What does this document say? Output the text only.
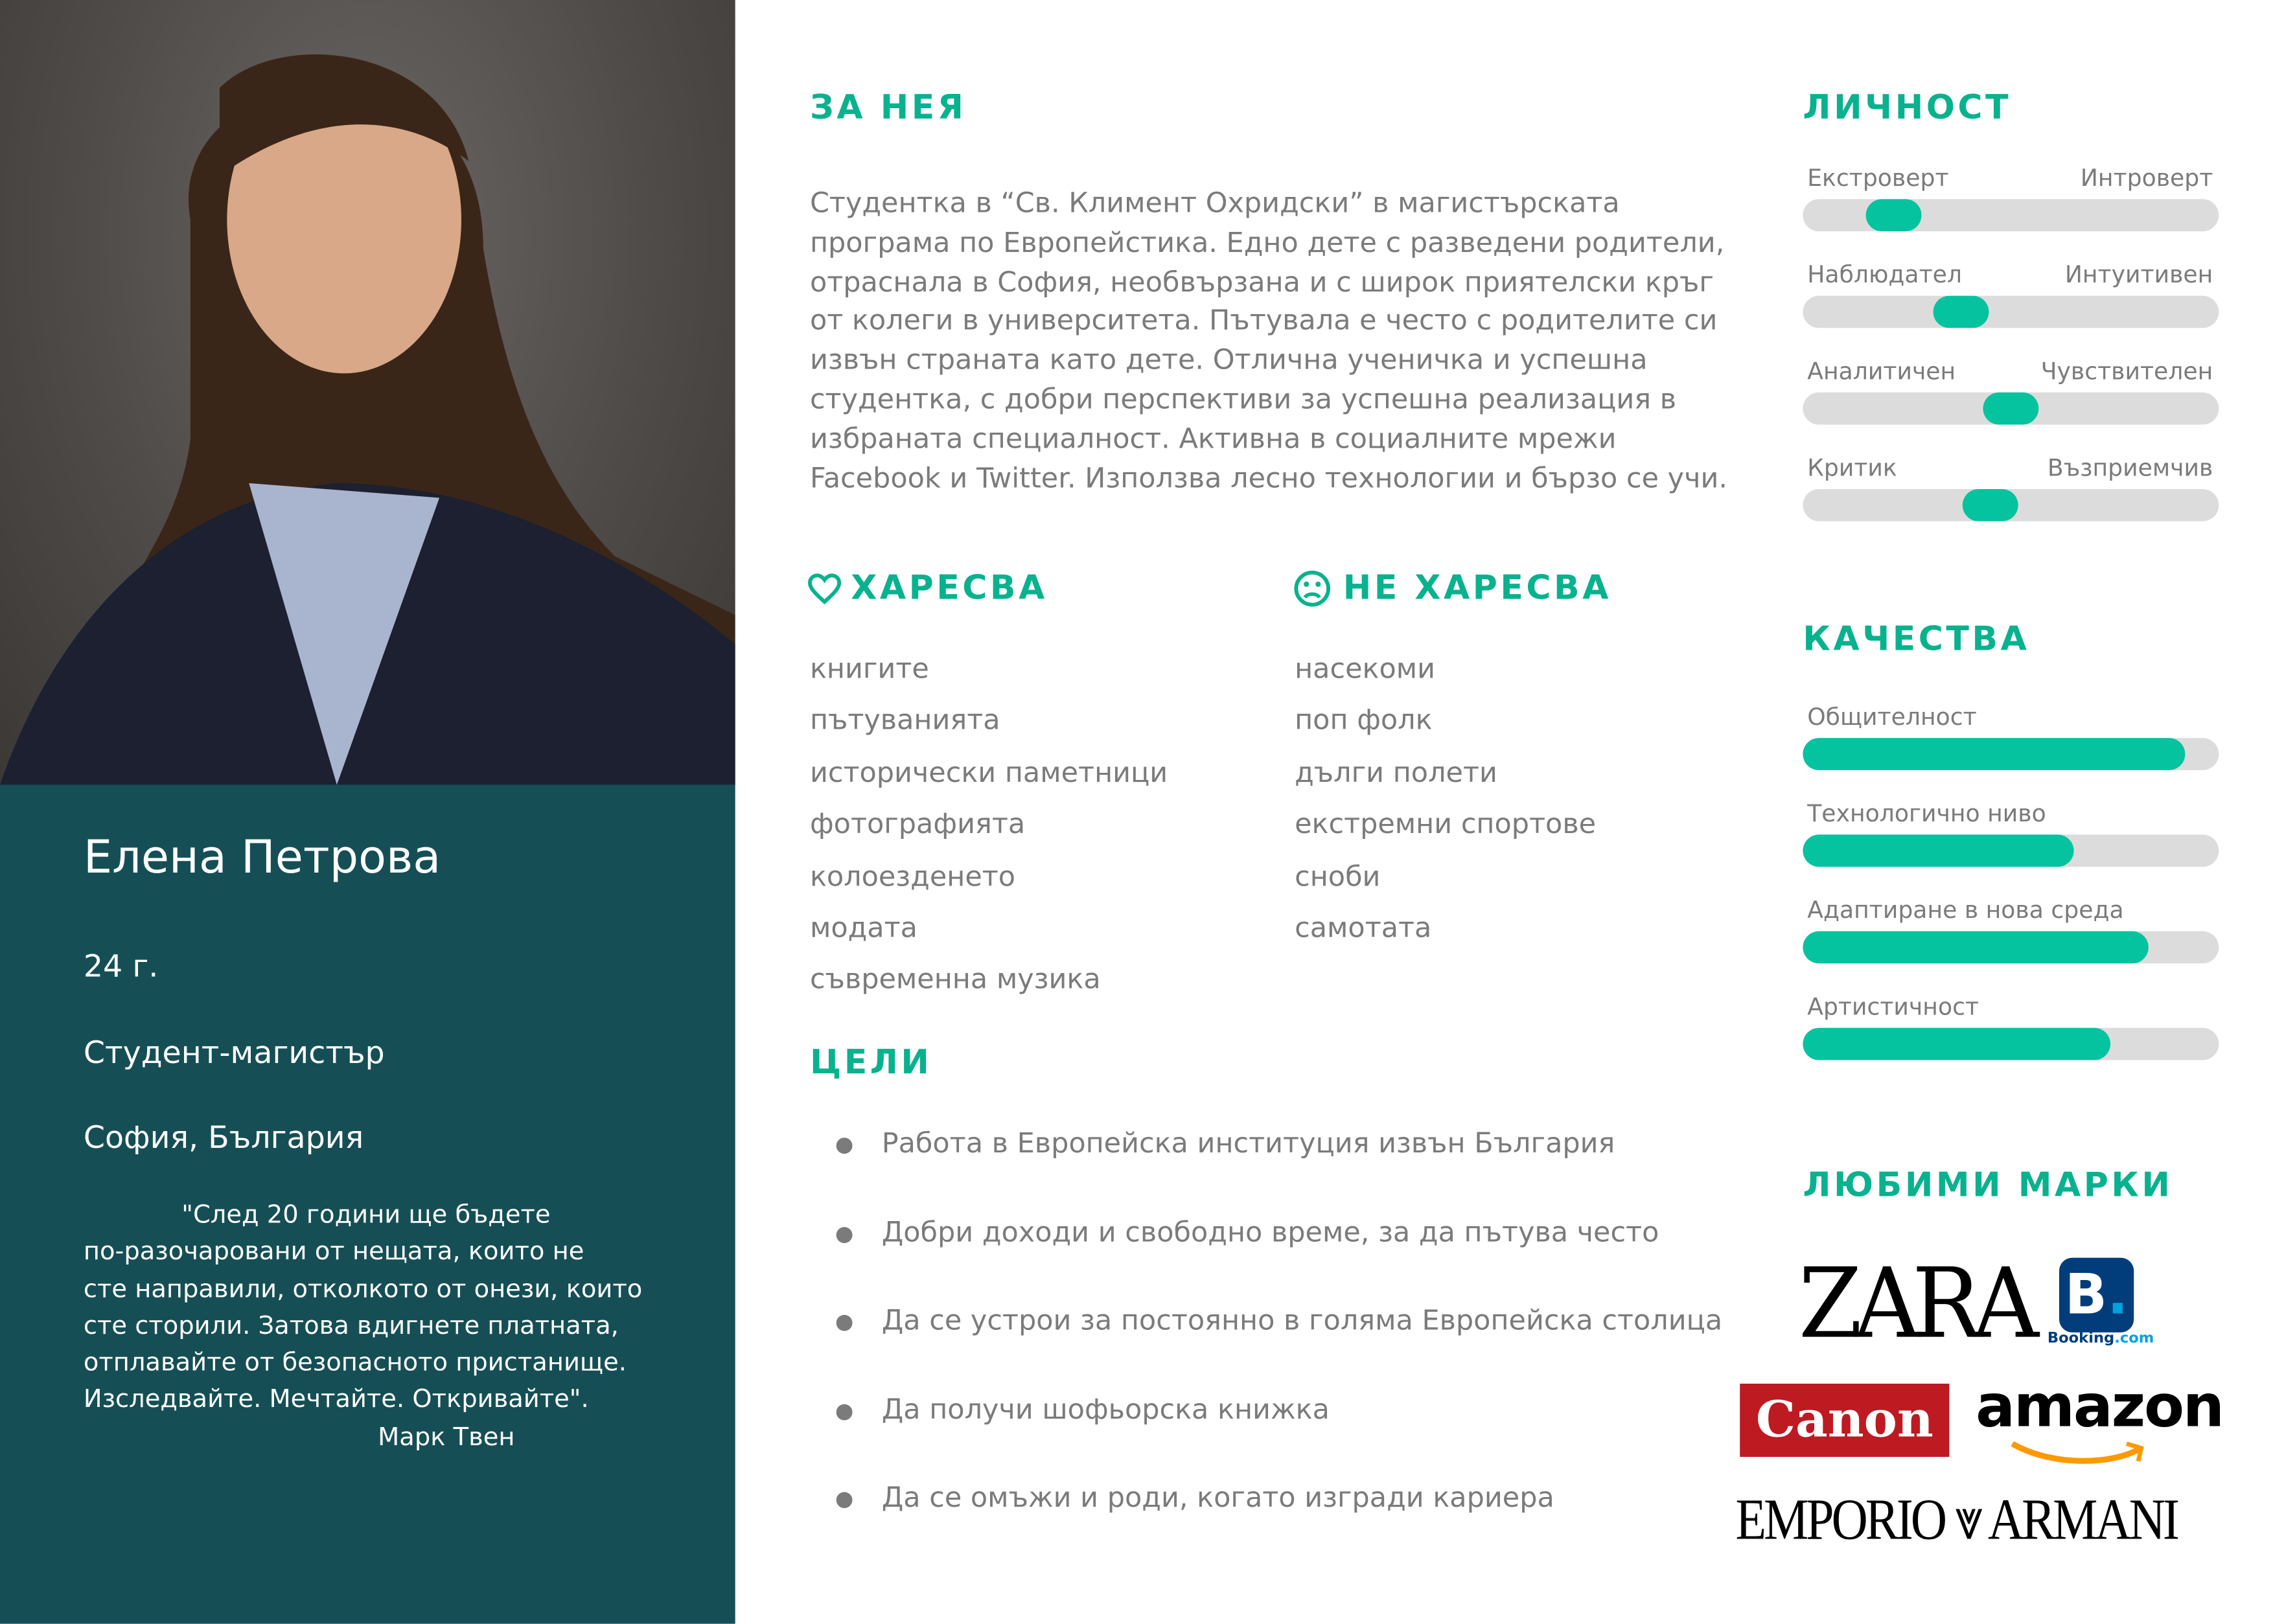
Елена Петрова
24 г.
Студент-магистър
София, България
"След 20 години ще бъдете
по-разочаровани от нещата, които не
сте направили, отколкото от онези, които
сте сторили. Затова вдигнете платната,
отплавайте от безопасното пристанище.
Изследвайте. Мечтайте. Откривайте".
Марк Твен
ЗА НЕЯ
Студентка в “Св. Климент Охридски” в магистърската програма по Европейстика. Едно дете с разведени родители, отраснала в София, необвързана и с широк приятелски кръг от колеги в университета. Пътувала е често с родителите си извън страната като дете. Отлична ученичка и успешна студентка, с добри перспективи за успешна реализация в избраната специалност. Активна в социалните мрежи Facebook и Twitter. Използва лесно технологии и бързо се учи.
ХАРЕСВА	НЕ ХАРЕСВА
ЦЕЛИ
ЛИЧНОСТ
КАЧЕСТВА
ЛЮБИМИ МАРКИ
ZARA B.
Booking.com
Canon	amazon
EMPORIO ⩔ ARMANI
книгите
пътуванията
исторически паметници
фотографията
колоезденето
модата
съвременна музика
насекоми
поп фолк
дълги полети
екстремни спортове
сноби
самотата
Работа в Европейска институция извън България
Добри доходи и свободно време, за да пътува често
Да се устрои за постоянно в голяма Европейска столица
Да получи шофьорска книжка
Да се омъжи и роди, когато изгради кариера
Екстроверт	Интроверт
Наблюдател	Интуитивен
Аналитичен	Чувствителен
Критик	Възприемчив
Общителност
Технологично ниво
Адаптиране в нова среда
Артистичност
